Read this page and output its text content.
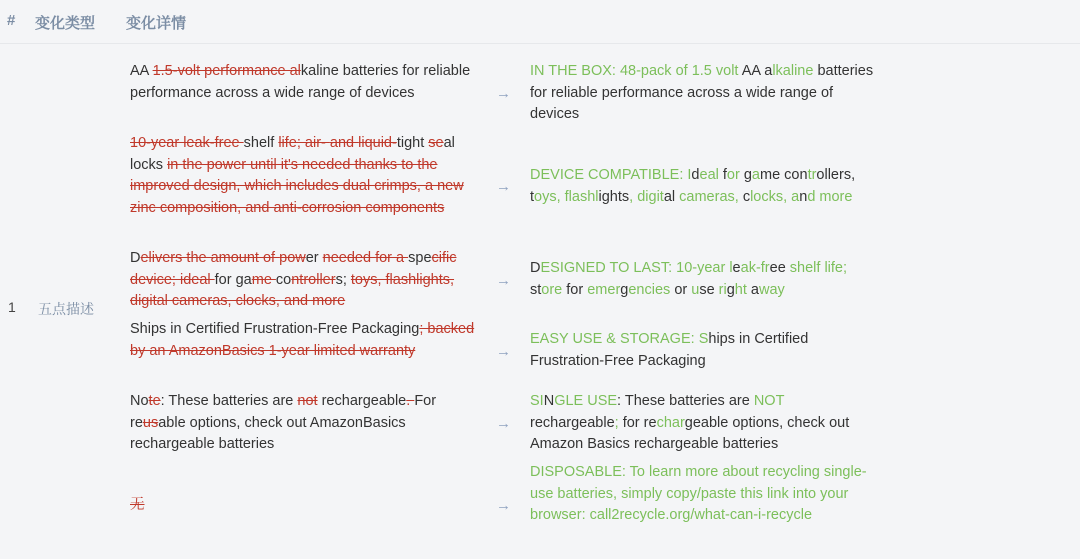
# 变化类型 变化详情
1 五点描述
AA 1.5-volt performance alkaline batteries for reliable performance across a wide range of devices	→
IN THE BOX: 48-pack of 1.5 volt AA alkaline batteries for reliable performance across a wide range of devices
10-year leak-free shelf life; air- and liquid-tight seal locks in the power until it's needed thanks to the improved design, which includes dual crimps, a new zinc composition, and anti-corrosion components
→
DEVICE COMPATIBLE: Ideal for game controllers, toys, flashlights, digital cameras, clocks, and more
Delivers the amount of power needed for a specific device; ideal for game controllers; toys, flashlights, digital cameras, clocks, and more
→
DESIGNED TO LAST: 10-year leak-free shelf life; store for emergencies or use right away
Ships in Certified Frustration-Free Packaging; backed by an AmazonBasics 1-year limited warranty	→
EASY USE & STORAGE: Ships in Certified Frustration-Free Packaging
Note: These batteries are not rechargeable. For reusable options, check out AmazonBasics rechargeable batteries
→
SINGLE USE: These batteries are NOT rechargeable; for rechargeable options, check out Amazon Basics rechargeable batteries
无	→
DISPOSABLE: To learn more about recycling single-use batteries, simply copy/paste this link into your browser: call2recycle.org/what-can-i-recycle
